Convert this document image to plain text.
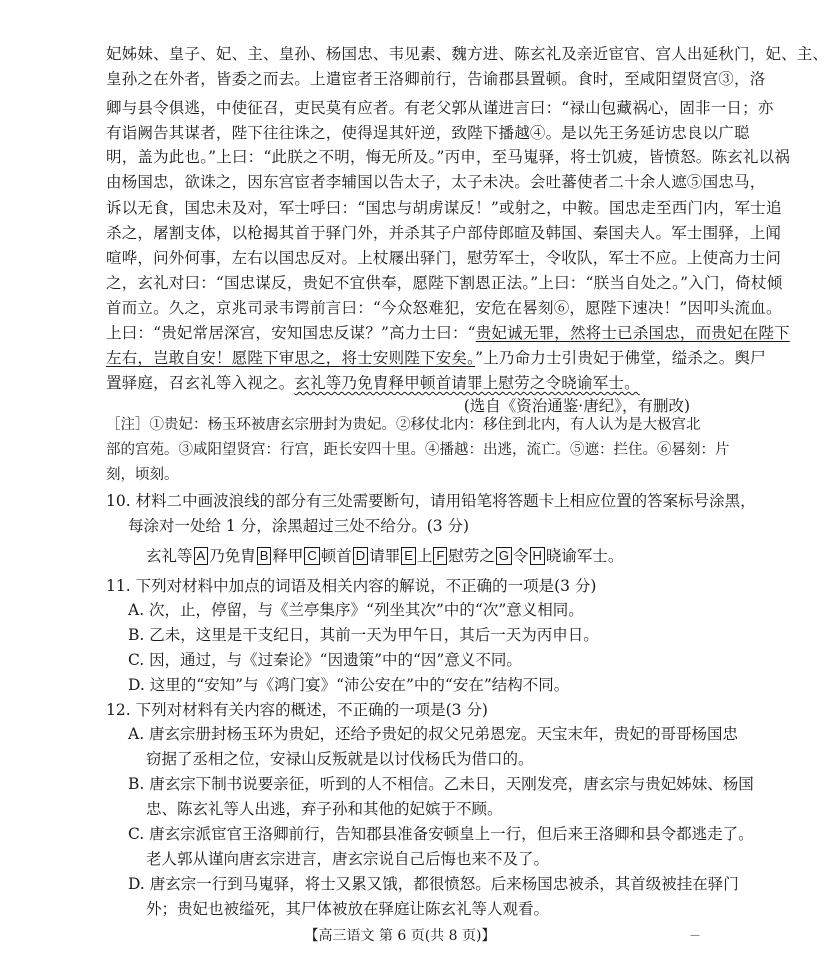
妃姊妹、皇子、妃、主、皇孙、杨国忠、韦见素、魏方进、陈玄礼及亲近宦官、宫人出延秋门，妃、主、
皇孙之在外者，皆委之而去。上遣宦者王洛卿前行，告谕郡县置顿。食时，至咸阳望贤宫③，洛
卿与县令俱逃，中使征召，吏民莫有应者。有老父郭从谨进言曰：“禄山包藏祸心，固非一日；亦
有诣阙告其谋者，陛下往往诛之，使得逞其奸逆，致陛下播越④。是以先王务延访忠良以广聪
明，盖为此也。”上曰：“此朕之不明，悔无所及。”丙申，至马嵬驿，将士饥疲，皆愤怒。陈玄礼以祸
由杨国忠，欲诛之，因东宫宦者李辅国以告太子，太子未决。会吐蕃使者二十余人遮⑤国忠马，
诉以无食，国忠未及对，军士呼曰：“国忠与胡虏谋反！”或射之，中鞍。国忠走至西门内，军士追
杀之，屠割支体，以枪揭其首于驿门外，并杀其子户部侍郎暄及韩国、秦国夫人。军士围驿，上闻
喧哗，问外何事，左右以国忠反对。上杖屦出驿门，慰劳军士，令收队，军士不应。上使高力士问
之，玄礼对曰：“国忠谋反，贵妃不宜供奉，愿陛下割恩正法。”上曰：“朕当自处之。”入门，倚杖倾
首而立。久之，京兆司录韦谔前言曰：“今众怒难犯，安危在晷刻⑥，愿陛下速决！”因叩头流血。
上曰：“贵妃常居深宫，安知国忠反谋？”高力士曰：“贵妃诚无罪，然将士已杀国忠，而贵妃在陛下
左右，岂敢自安！愿陛下审思之，将士安则陛下安矣。”上乃命力士引贵妃于佛堂，缢杀之。舆尸
置驿庭，召玄礼等入视之。玄礼等乃免胄释甲顿首请罪上慰劳之令晓谕军士。
(选自《资治通鉴·唐纪》，有删改)
［注］①贵妃：杨玉环被唐玄宗册封为贵妃。②移仗北内：移住到北内，有人认为是大极宫北
部的宫苑。③咸阳望贤宫：行宫，距长安四十里。④播越：出逃，流亡。⑤遮：拦住。⑥晷刻：片
刻，顷刻。
10. 材料二中画波浪线的部分有三处需要断句，请用铅笔将答题卡上相应位置的答案标号涂黑，
每涂对一处给 1 分，涂黑超过三处不给分。(3 分)
玄礼等 A 乃免胄 B 释甲 C 顿首 D 请罪 E 上 F 慰劳之 G 令 H 晓谕军士。
11. 下列对材料中加点的词语及相关内容的解说，不正确的一项是(3 分)
A. 次，止，停留，与《兰亭集序》“列坐其次”中的“次”意义相同。
B. 乙未，这里是干支纪日，其前一天为甲午日，其后一天为丙申日。
C. 因，通过，与《过秦论》“因遗策”中的“因”意义不同。
D. 这里的“安知”与《鸿门宴》“沛公安在”中的“安在”结构不同。
12. 下列对材料有关内容的概述，不正确的一项是(3 分)
A. 唐玄宗册封杨玉环为贵妃，还给予贵妃的叔父兄弟恩宠。天宝末年，贵妃的哥哥杨国忠
窃据了丞相之位，安禄山反叛就是以讨伐杨氏为借口的。
B. 唐玄宗下制书说要亲征，听到的人不相信。乙未日，天刚发亮，唐玄宗与贵妃姊妹、杨国
忠、陈玄礼等人出逃，弃子孙和其他的妃嫔于不顾。
C. 唐玄宗派宦官王洛卿前行，告知郡县准备安顿皇上一行，但后来王洛卿和县令都逃走了。
老人郭从谨向唐玄宗进言，唐玄宗说自己后悔也来不及了。
D. 唐玄宗一行到马嵬驿，将士又累又饿，都很愤怒。后来杨国忠被杀，其首级被挂在驿门
外；贵妃也被缢死，其尸体被放在驿庭让陈玄礼等人观看。
【高三语文 第 6 页(共 8 页)】	—
